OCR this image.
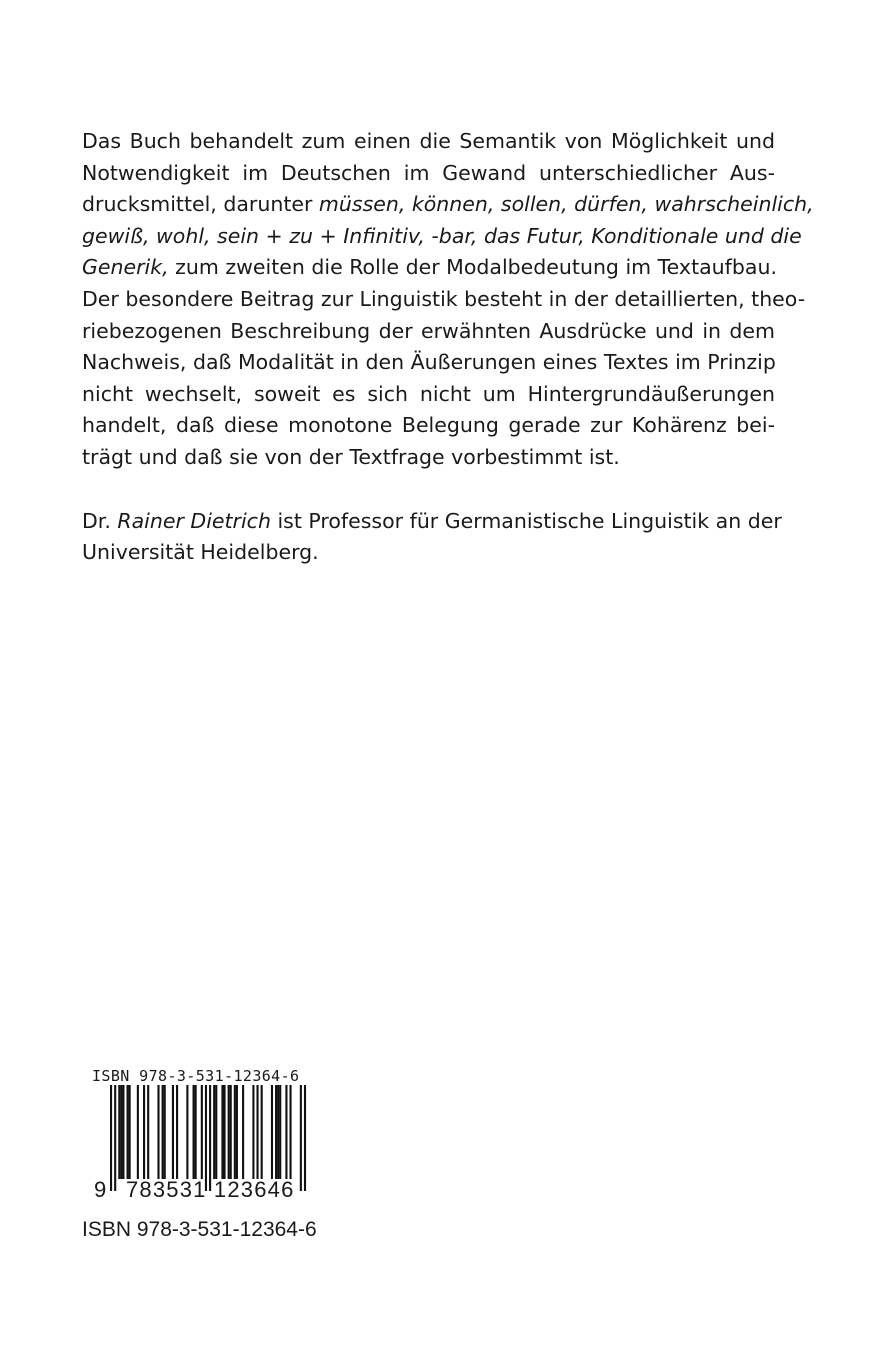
Das Buch behandelt zum einen die Semantik von Möglichkeit und
Notwendigkeit im Deutschen im Gewand unterschiedlicher Aus-
drucksmittel, darunter müssen, können, sollen, dürfen, wahrscheinlich,
gewiß, wohl, sein + zu + Infinitiv, -bar, das Futur, Konditionale und die
Generik, zum zweiten die Rolle der Modalbedeutung im Textaufbau.
Der besondere Beitrag zur Linguistik besteht in der detaillierten, theo-
riebezogenen Beschreibung der erwähnten Ausdrücke und in dem
Nachweis, daß Modalität in den Äußerungen eines Textes im Prinzip
nicht wechselt, soweit es sich nicht um Hintergrundäußerungen
handelt, daß diese monotone Belegung gerade zur Kohärenz bei-
trägt und daß sie von der Textfrage vorbestimmt ist.
Dr. Rainer Dietrich ist Professor für Germanistische Linguistik an der
Universität Heidelberg.
ISBN 978-3-531-12364-6
9 783531 123646
ISBN 978-3-531-12364-6
